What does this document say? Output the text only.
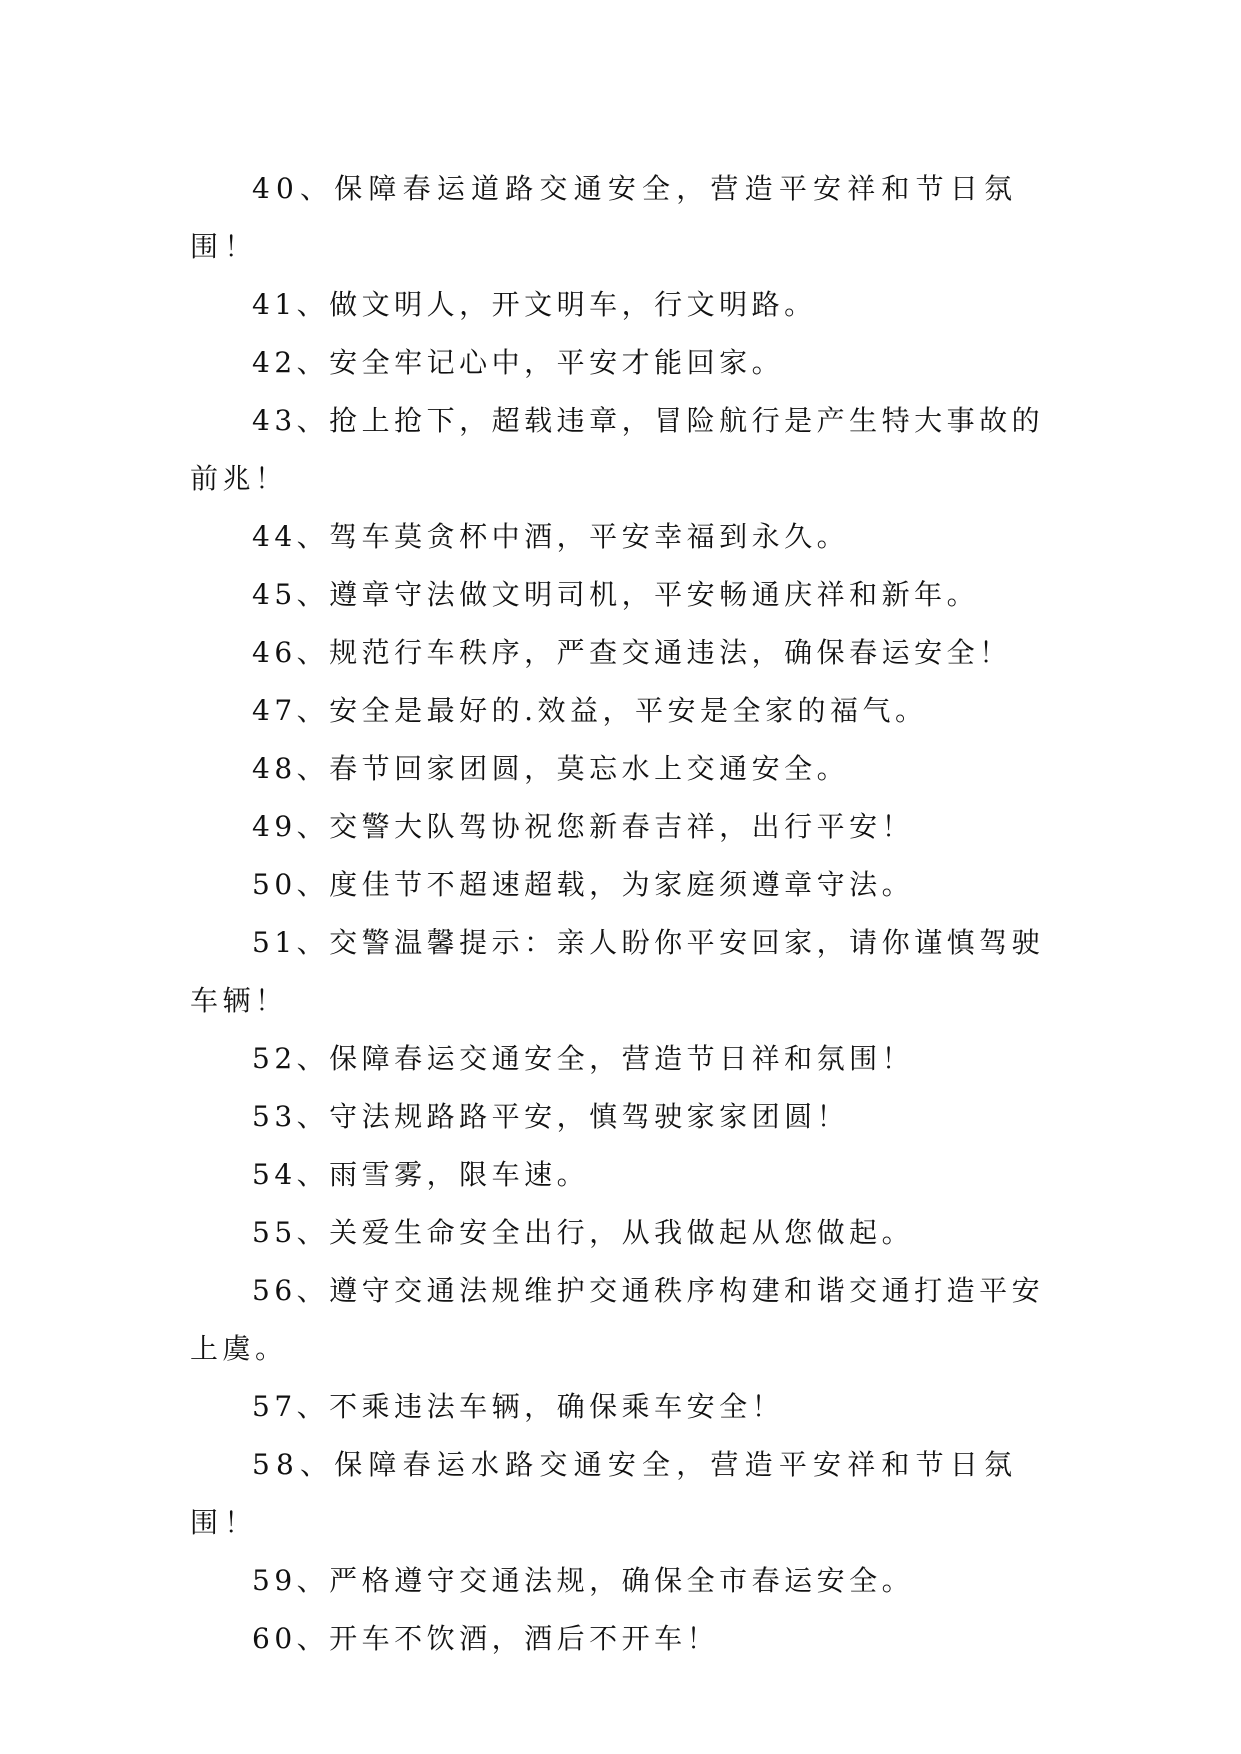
40、保障春运道路交通安全，营造平安祥和节日氛围！

41、做文明人，开文明车，行文明路。

42、安全牢记心中，平安才能回家。

43、抢上抢下，超载违章，冒险航行是产生特大事故的前兆！

44、驾车莫贪杯中酒，平安幸福到永久。

45、遵章守法做文明司机，平安畅通庆祥和新年。

46、规范行车秩序，严查交通违法，确保春运安全！

47、安全是最好的.效益，平安是全家的福气。

48、春节回家团圆，莫忘水上交通安全。

49、交警大队驾协祝您新春吉祥，出行平安！

50、度佳节不超速超载，为家庭须遵章守法。

51、交警温馨提示：亲人盼你平安回家，请你谨慎驾驶车辆！

52、保障春运交通安全，营造节日祥和氛围！

53、守法规路路平安，慎驾驶家家团圆！

54、雨雪雾，限车速。

55、关爱生命安全出行，从我做起从您做起。

56、遵守交通法规维护交通秩序构建和谐交通打造平安上虞。

57、不乘违法车辆，确保乘车安全！

58、保障春运水路交通安全，营造平安祥和节日氛围！

59、严格遵守交通法规，确保全市春运安全。

60、开车不饮酒，酒后不开车！
